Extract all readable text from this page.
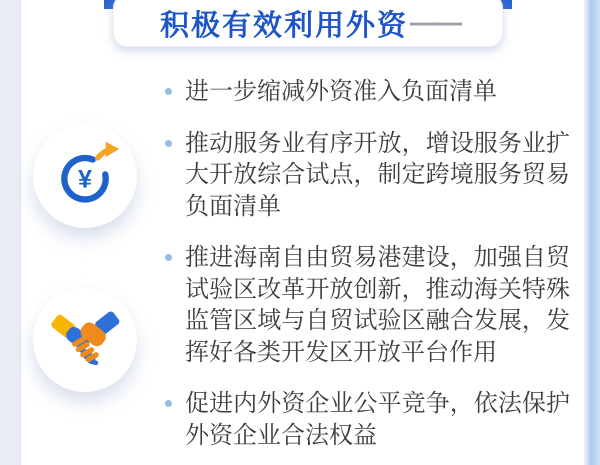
积极有效利用外资 ——
¥
进一步缩减外资准入负面清单
推动服务业有序开放，增设服务业扩大开放综合试点，制定跨境服务贸易负面清单
推进海南自由贸易港建设，加强自贸试验区改革开放创新，推动海关特殊监管区域与自贸试验区融合发展，发挥好各类开发区开放平台作用
促进内外资企业公平竞争，依法保护外资企业合法权益
